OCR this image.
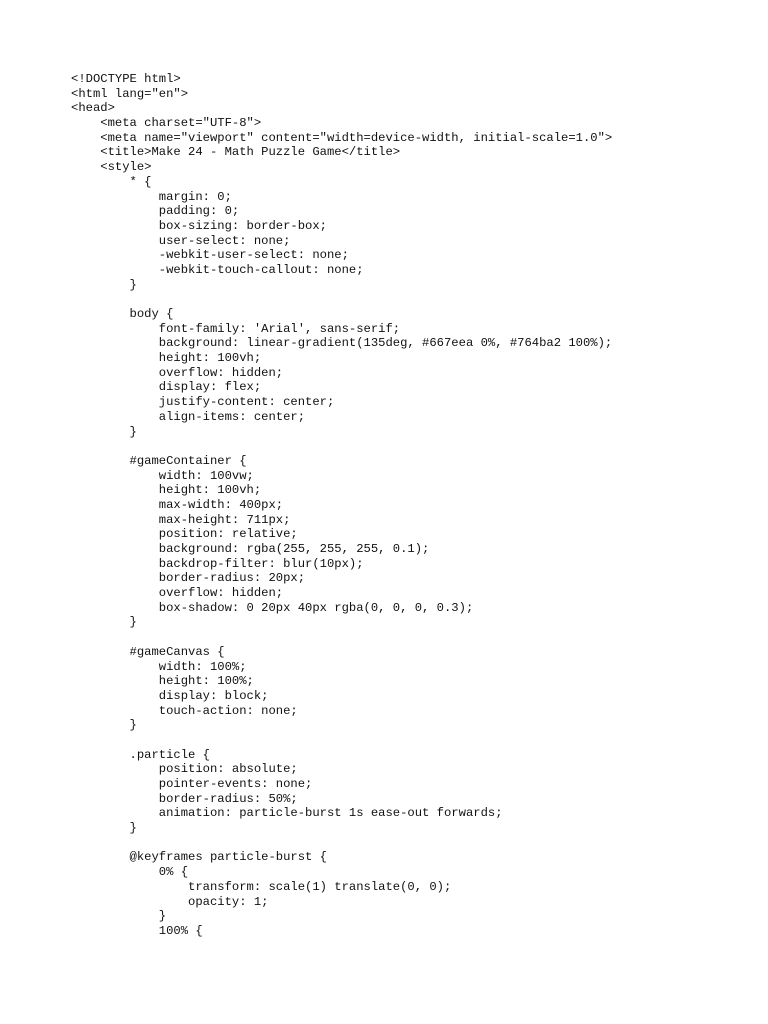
<!DOCTYPE html>
<html lang="en">
<head>
<meta charset="UTF-8">
<meta name="viewport" content="width=device-width, initial-scale=1.0">
<title>Make 24 - Math Puzzle Game</title>
<style>
* {
margin: 0;
padding: 0;
box-sizing: border-box;
user-select: none;
-webkit-user-select: none;
-webkit-touch-callout: none;
}
body {
font-family: 'Arial', sans-serif;
background: linear-gradient(135deg, #667eea 0%, #764ba2 100%);
height: 100vh;
overflow: hidden;
display: flex;
justify-content: center;
align-items: center;
}
#gameContainer {
width: 100vw;
height: 100vh;
max-width: 400px;
max-height: 711px;
position: relative;
background: rgba(255, 255, 255, 0.1);
backdrop-filter: blur(10px);
border-radius: 20px;
overflow: hidden;
box-shadow: 0 20px 40px rgba(0, 0, 0, 0.3);
}
#gameCanvas {
width: 100%;
height: 100%;
display: block;
touch-action: none;
}
.particle {
position: absolute;
pointer-events: none;
border-radius: 50%;
animation: particle-burst 1s ease-out forwards;
}
@keyframes particle-burst {
0% {
transform: scale(1) translate(0, 0);
opacity: 1;
}
100% {
